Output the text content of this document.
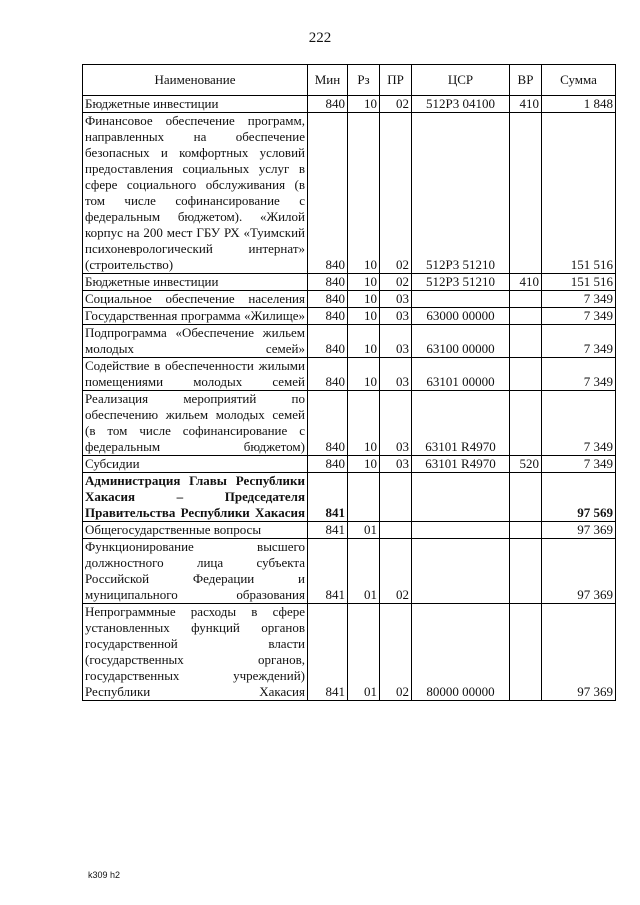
222
Наименование	Мин	Рз	ПР	ЦСР	ВР	Сумма
Бюджетные инвестиции	840	10	02	512Р3 04100	410	1 848
Финансовое обеспечение программ, направленных на обеспечение безопасных и комфортных условий предоставления социальных услуг в сфере социального обслуживания (в том числе софинансирование с федеральным бюджетом). «Жилой корпус на 200 мест ГБУ РХ «Туимский психоневрологический интернат» (строительство)	840	10	02	512Р3 51210		151 516
Бюджетные инвестиции	840	10	02	512Р3 51210	410	151 516
Социальное обеспечение населения	840	10	03			7 349
Государственная программа «Жилище»	840	10	03	63000 00000		7 349
Подпрограмма «Обеспечение жильем молодых семей»	840	10	03	63100 00000		7 349
Содействие в обеспеченности жилыми помещениями молодых семей	840	10	03	63101 00000		7 349
Реализация мероприятий по обеспечению жильем молодых семей (в том числе софинансирование с федеральным бюджетом)	840	10	03	63101 R4970		7 349
Субсидии	840	10	03	63101 R4970	520	7 349
Администрация Главы Республики Хакасия – Председателя Правительства Республики Хакасия	841					97 569
Общегосударственные вопросы	841	01				97 369
Функционирование высшего должностного лица субъекта Российской Федерации и муниципального образования	841	01	02			97 369
Непрограммные расходы в сфере установленных функций органов государственной власти (государственных органов, государственных учреждений) Республики Хакасия	841	01	02	80000 00000		97 369
k309 h2
